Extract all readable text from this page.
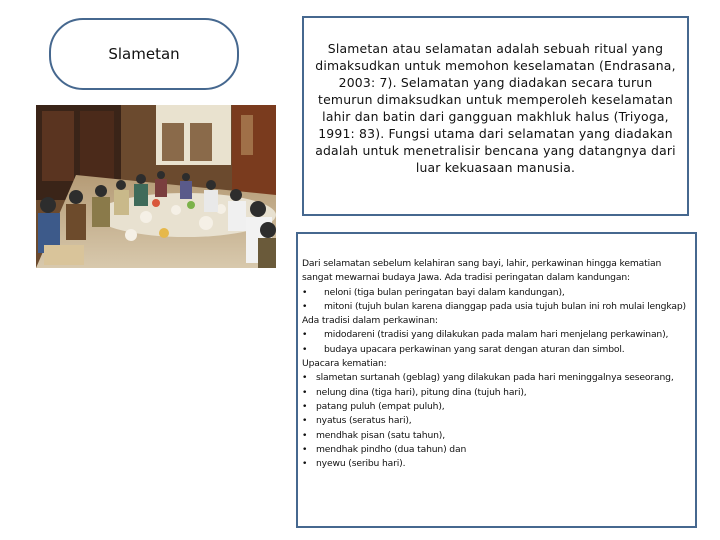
Slametan	Slametan atau selamatan adalah sebuah ritual yang dimaksudkan untuk memohon keselamatan (Endrasana, 2003: 7). Selamatan yang diadakan secara turun temurun dimaksudkan untuk memperoleh keselamatan lahir dan batin dari gangguan makhluk halus (Triyoga, 1991: 83). Fungsi utama dari selamatan yang diadakan adalah untuk menetralisir bencana yang datangnya dari luar kekuasaan manusia.

Dari selamatan sebelum kelahiran sang bayi, lahir, perkawinan hingga kematian sangat mewarnai budaya Jawa. Ada tradisi peringatan dalam kandungan:

• neloni (tiga bulan peringatan bayi dalam kandungan),
• mitoni (tujuh bulan karena dianggap pada usia tujuh bulan ini roh mulai lengkap)

Ada tradisi dalam perkawinan:

• midodareni (tradisi yang dilakukan pada malam hari menjelang perkawinan),
• budaya upacara perkawinan yang sarat dengan aturan dan simbol.

Upacara kematian:

• slametan surtanah (geblag) yang dilakukan pada hari meninggalnya seseorang,
• nelung dina (tiga hari), pitung dina (tujuh hari),
• patang puluh (empat puluh),
• nyatus (seratus hari),
• mendhak pisan (satu tahun),
• mendhak pindho (dua tahun) dan
• nyewu (seribu hari).
